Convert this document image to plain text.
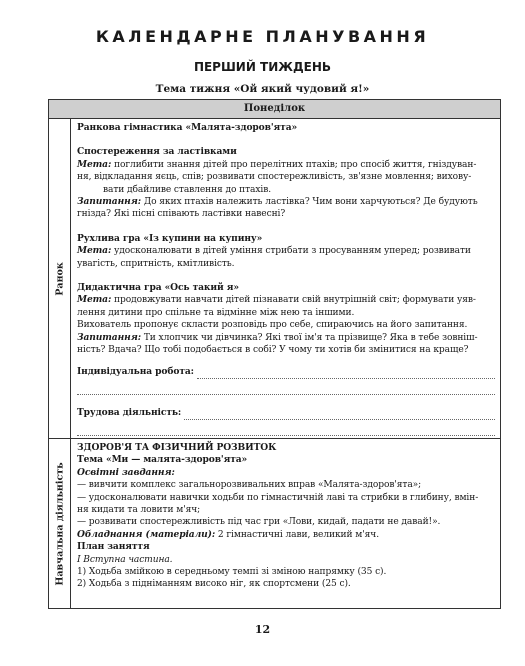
КАЛЕНДАРНЕ ПЛАНУВАННЯ
ПЕРШИЙ ТИЖДЕНЬ

Тема тижня «Ой який чудовий я!»

Понеділок
Ранок

Ранкова гімнастика «Малята-здоров'ята»

Спостереження за ластівками

Мета: поглибити знання дітей про перелітних птахів; про спосіб життя, гніздуван-

ня, відкладання яєць, спів; розвивати спостережливість, зв'язне мовлення; вихову-

вати дбайливе ставлення до птахів.

Запитання: До яких птахів належить ластівка? Чим вони харчуються? Де будують

гнізда? Які пісні співають ластівки навесні?

Рухлива гра «Із купини на купину»

Мета: удосконалювати в дітей уміння стрибати з просуванням уперед; розвивати

увагість, спритність, кмітливість.

Дидактична гра «Ось такий я»

Мета: продовжувати навчати дітей пізнавати свій внутрішній світ; формувати уяв-

лення дитини про спільне та відмінне між нею та іншими.

Вихователь пропонує скласти розповідь про себе, спираючись на його запитання.

Запитання: Ти хлопчик чи дівчинка? Які твої ім'я та прізвище? Яка в тебе зовніш-

ність? Вдача? Що тобі подобається в собі? У чому ти хотів би змінитися на краще?

Індивідуальна робота:
Трудова діяльність:
Навчальна діяльність

ЗДОРОВ'Я ТА ФІЗИЧНИЙ РОЗВИТОК

Тема «Ми — малята-здоров'ята»

Освітні завдання:

— вивчити комплекс загальнорозвивальних вправ «Малята-здоров'ята»;

— удосконалювати навички ходьби по гімнастичній лаві та стрибки в глибину, вмін-

ня кидати та ловити м'яч;

— розвивати спостережливість під час гри «Лови, кидай, падати не давай!».

Обладнання (матеріали): 2 гімнастичні лави, великий м'яч.

План заняття

І Вступна частина.

1) Ходьба змійкою в середньому темпі зі зміною напрямку (35 с).

2) Ходьба з підніманням високо ніг, як спортсмени (25 с).

12
